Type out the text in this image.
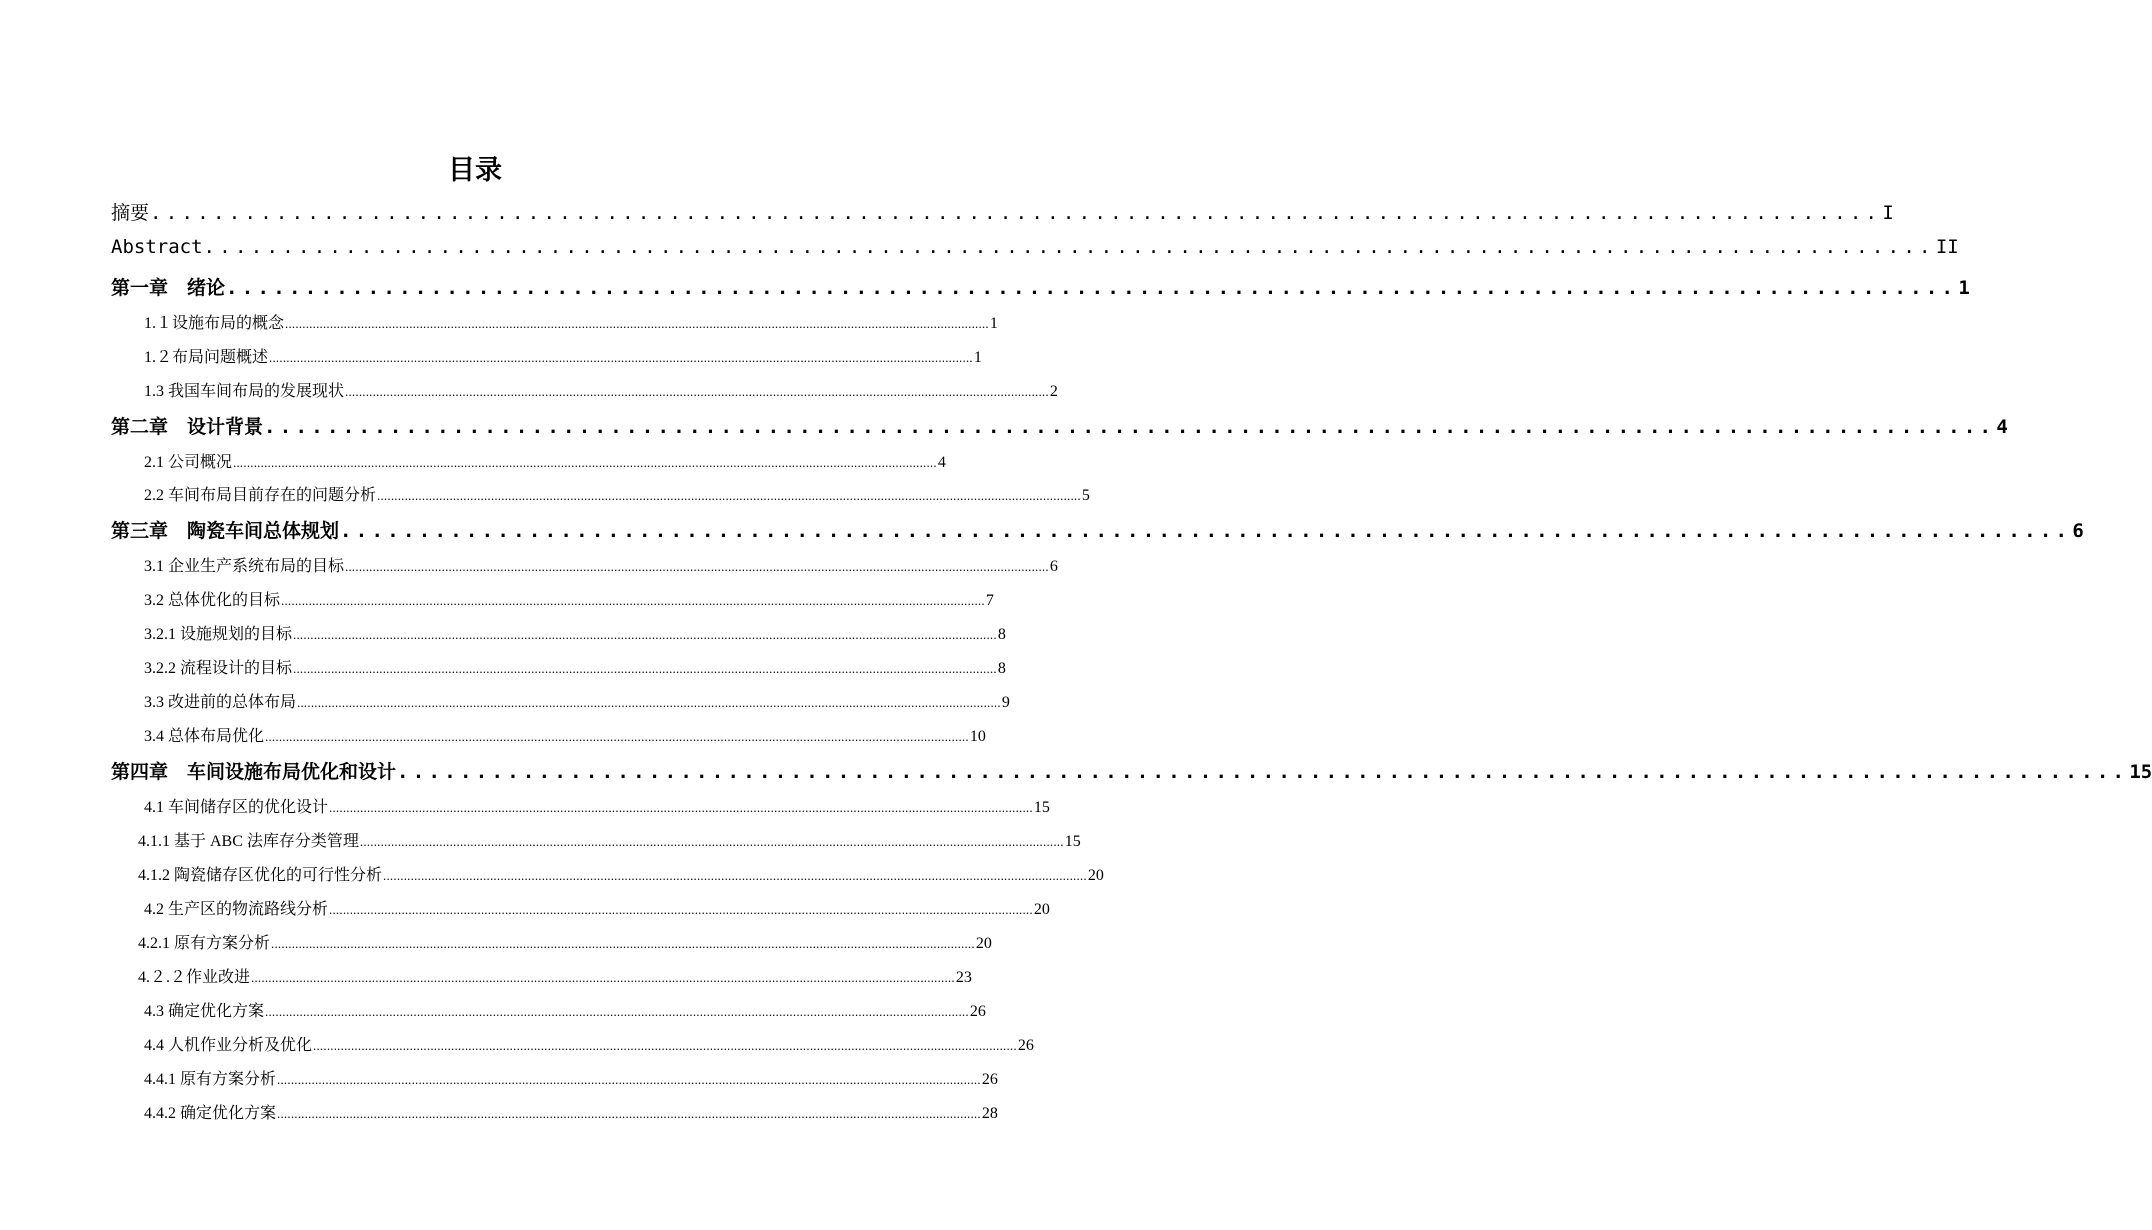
目录
摘要 .............................................................................................................. I
Abstract .............................................................................................................. II
第一章　绪论 .............................................................................................................. 1
1.１设施布局的概念 ............................................................................................................................................................................................................ 1
1.２布局问题概述 ............................................................................................................................................................................................................ 1
1.3 我国车间布局的发展现状 ............................................................................................................................................................................................................ 2
第二章　设计背景 .............................................................................................................. 4
2.1 公司概况 ............................................................................................................................................................................................................ 4
2.2 车间布局目前存在的问题分析 ............................................................................................................................................................................................................ 5
第三章　陶瓷车间总体规划 .............................................................................................................. 6
3.1 企业生产系统布局的目标 ............................................................................................................................................................................................................ 6
3.2 总体优化的目标 ............................................................................................................................................................................................................ 7
3.2.1 设施规划的目标 ............................................................................................................................................................................................................ 8
3.2.2 流程设计的目标 ............................................................................................................................................................................................................ 8
3.3 改进前的总体布局 ............................................................................................................................................................................................................ 9
3.4 总体布局优化 ............................................................................................................................................................................................................ 10
第四章　车间设施布局优化和设计 .............................................................................................................. 15
4.1 车间储存区的优化设计 ............................................................................................................................................................................................................ 15
4.1.1 基于 ABC 法库存分类管理 ............................................................................................................................................................................................................ 15
4.1.2 陶瓷储存区优化的可行性分析 ............................................................................................................................................................................................................ 20
4.2 生产区的物流路线分析 ............................................................................................................................................................................................................ 20
4.2.1 原有方案分析 ............................................................................................................................................................................................................ 20
4.２.２作业改进 ............................................................................................................................................................................................................ 23
4.3 确定优化方案 ............................................................................................................................................................................................................ 26
4.4 人机作业分析及优化 ............................................................................................................................................................................................................ 26
4.4.1 原有方案分析 ............................................................................................................................................................................................................ 26
4.4.2 确定优化方案 ............................................................................................................................................................................................................ 28
